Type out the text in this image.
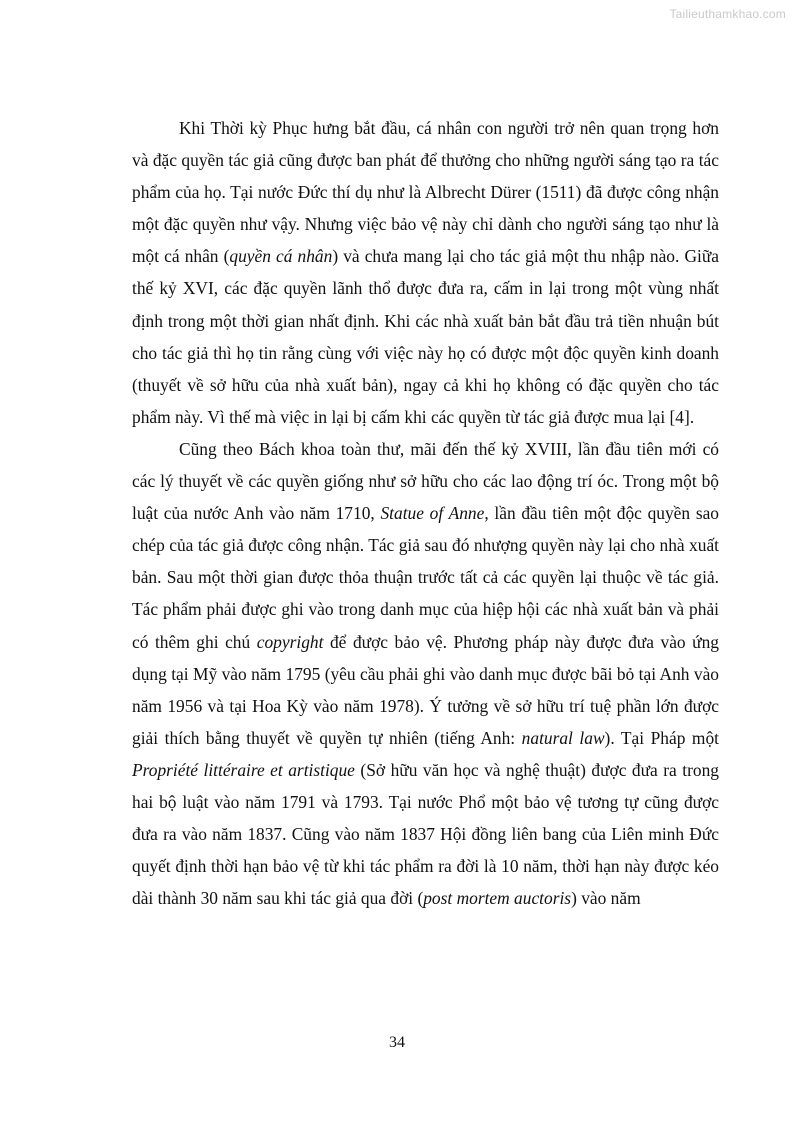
Tailieuthamkhao.com

Khi Thời kỳ Phục hưng bắt đầu, cá nhân con người trở nên quan trọng hơn và đặc quyền tác giả cũng được ban phát để thưởng cho những người sáng tạo ra tác phẩm của họ. Tại nước Đức thí dụ như là Albrecht Dürer (1511) đã được công nhận một đặc quyền như vậy. Nhưng việc bảo vệ này chỉ dành cho người sáng tạo như là một cá nhân (quyền cá nhân) và chưa mang lại cho tác giả một thu nhập nào. Giữa thế kỷ XVI, các đặc quyền lãnh thổ được đưa ra, cấm in lại trong một vùng nhất định trong một thời gian nhất định. Khi các nhà xuất bản bắt đầu trả tiền nhuận bút cho tác giả thì họ tin rằng cùng với việc này họ có được một độc quyền kinh doanh (thuyết về sở hữu của nhà xuất bản), ngay cả khi họ không có đặc quyền cho tác phẩm này. Vì thế mà việc in lại bị cấm khi các quyền từ tác giả được mua lại [4].

Cũng theo Bách khoa toàn thư, mãi đến thế kỷ XVIII, lần đầu tiên mới có các lý thuyết về các quyền giống như sở hữu cho các lao động trí óc. Trong một bộ luật của nước Anh vào năm 1710, Statue of Anne, lần đầu tiên một độc quyền sao chép của tác giả được công nhận. Tác giả sau đó nhượng quyền này lại cho nhà xuất bản. Sau một thời gian được thỏa thuận trước tất cả các quyền lại thuộc về tác giả. Tác phẩm phải được ghi vào trong danh mục của hiệp hội các nhà xuất bản và phải có thêm ghi chú copyright để được bảo vệ. Phương pháp này được đưa vào ứng dụng tại Mỹ vào năm 1795 (yêu cầu phải ghi vào danh mục được bãi bỏ tại Anh vào năm 1956 và tại Hoa Kỳ vào năm 1978). Ý tưởng về sở hữu trí tuệ phần lớn được giải thích bằng thuyết về quyền tự nhiên (tiếng Anh: natural law). Tại Pháp một Propriété littéraire et artistique (Sở hữu văn học và nghệ thuật) được đưa ra trong hai bộ luật vào năm 1791 và 1793. Tại nước Phổ một bảo vệ tương tự cũng được đưa ra vào năm 1837. Cũng vào năm 1837 Hội đồng liên bang của Liên minh Đức quyết định thời hạn bảo vệ từ khi tác phẩm ra đời là 10 năm, thời hạn này được kéo dài thành 30 năm sau khi tác giả qua đời (post mortem auctoris) vào năm

34
